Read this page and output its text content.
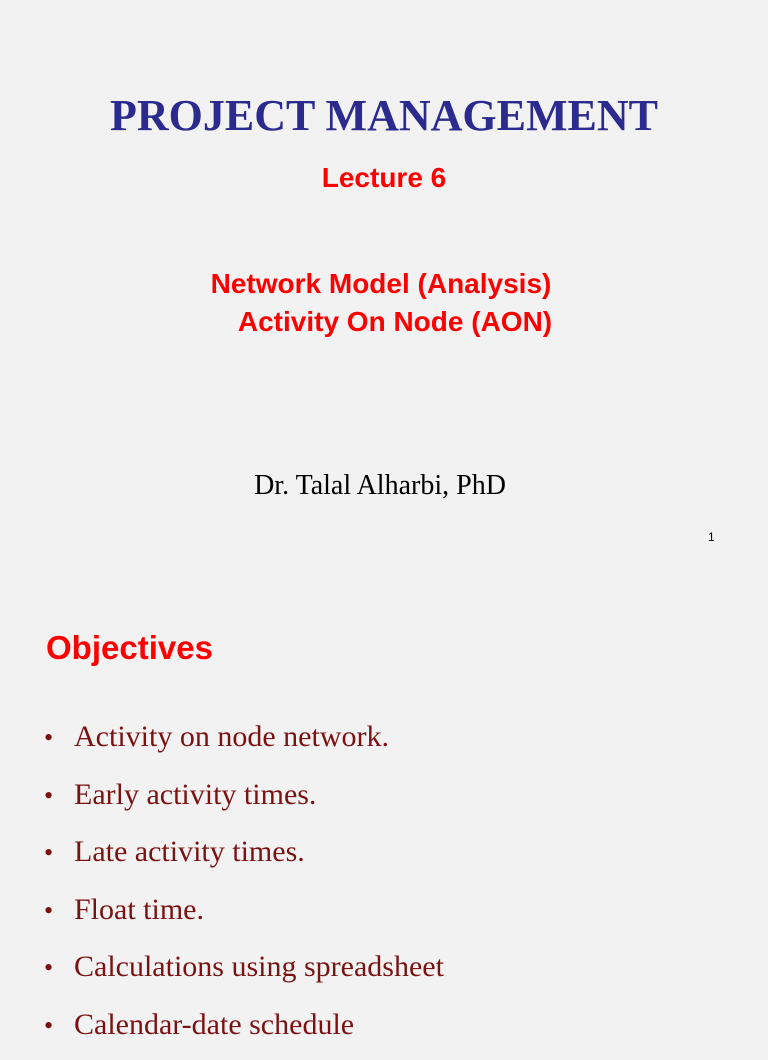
PROJECT MANAGEMENT
Lecture 6
Network Model (Analysis)
Activity On Node (AON)
Dr. Talal Alharbi, PhD
1
Objectives
• Activity on node network.
• Early activity times.
• Late activity times.
• Float time.
• Calculations using spreadsheet
• Calendar-date schedule
